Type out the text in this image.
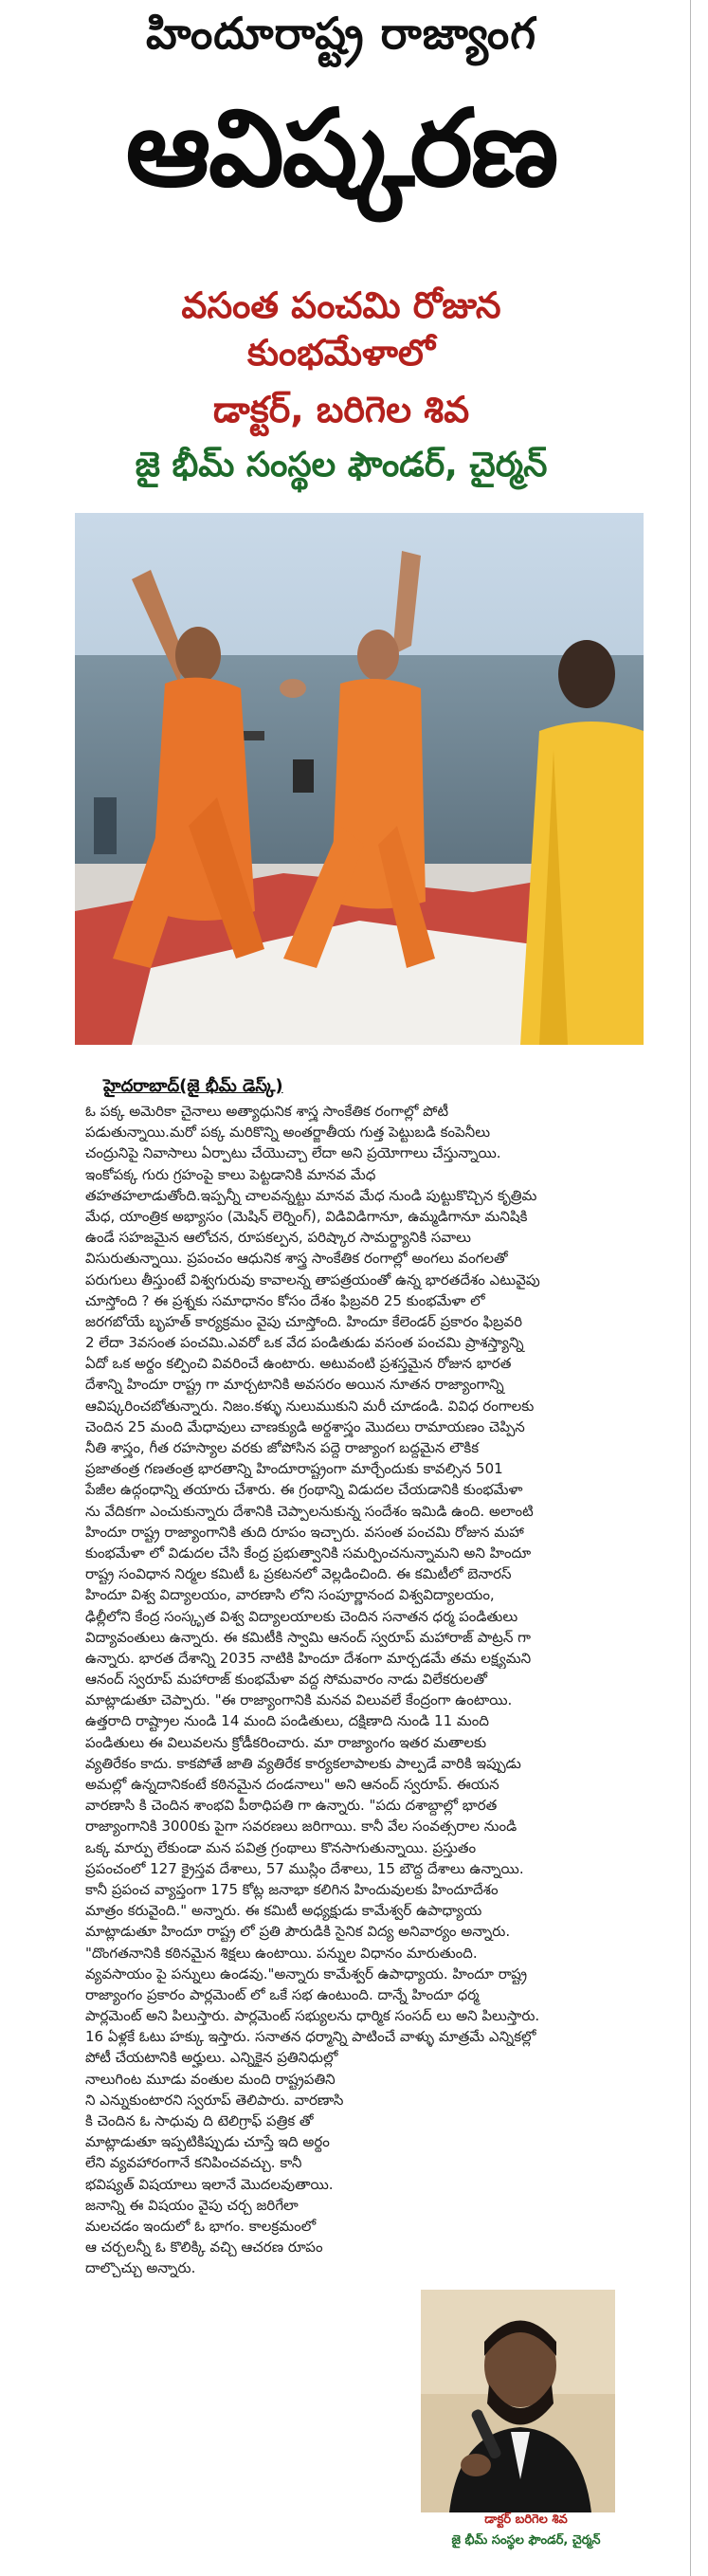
హిందూరాష్ట్ర రాజ్యాంగ
ఆవిష్కరణ
వసంత పంచమి రోజున
కుంభమేళాలో
డాక్టర్, బరిగెల శివ
జై భీమ్ సంస్థల ఫౌండర్, చైర్మన్
హైదరాబాద్(జై భీమ్ డెస్క్)
ఓ పక్క అమెరికా చైనాలు అత్యాధునిక శాస్త్ర సాంకేతిక రంగాల్లో పోటీ
పడుతున్నాయి.మరో పక్క మరికొన్ని అంతర్జాతీయ గుత్త పెట్టుబడి కంపెనీలు
చంద్రునిపై నివాసాలు ఏర్పాటు చేయొచ్చా లేదా అని ప్రయోగాలు చేస్తున్నాయి.
ఇంకోపక్క గురు గ్రహంపై కాలు పెట్టడానికి మానవ మేధ
తహతహలాడుతోంది.ఇప్పన్నీ చాలవన్నట్టు మానవ మేధ నుండి పుట్టుకొచ్చిన కృత్రిమ
మేధ, యాంత్రిక అభ్యాసం (మెషిన్ లెర్నింగ్), విడివిడిగానూ, ఉమ్మడిగానూ మనిషికి
ఉండే సహజమైన ఆలోచన, రూపకల్పన, పరిష్కార సామర్థ్యానికి సవాలు
విసురుతున్నాయి. ప్రపంచం ఆధునిక శాస్త్ర సాంకేతిక రంగాల్లో అంగలు వంగలతో
పరుగులు తీస్తుంటే విశ్వగురువు కావాలన్న తాపత్రయంతో ఉన్న భారతదేశం ఎటువైపు
చూస్తోంది ? ఈ ప్రశ్నకు సమాధానం కోసం దేశం ఫిబ్రవరి 25 కుంభమేళా లో
జరగబోయే బృహత్ కార్యక్రమం వైపు చూస్తోంది. హిందూ కేలెండర్ ప్రకారం ఫిబ్రవరి
2 లేదా 3వసంత పంచమి.ఎవరో ఒక వేద పండితుడు వసంత పంచమి ప్రాశస్త్యాన్ని
ఏదో ఒక అర్థం కల్పించి వివరించే ఉంటారు. అటువంటి ప్రశస్తమైన రోజున భారత
దేశాన్ని హిందూ రాష్ట్ర గా మార్చటానికి అవసరం అయిన నూతన రాజ్యాంగాన్ని
ఆవిష్కరించబోతున్నారు. నిజం.కళ్ళు నులుముకుని మరీ చూడండి. వివిధ రంగాలకు
చెందిన 25 మంది మేధావులు చాణక్యుడి అర్థశాస్త్రం మొదలు రామాయణం చెప్పిన
నీతి శాస్త్రం, గీత రహస్యాల వరకు జోపోసిన పద్దె రాజ్యాంగ బద్దమైన లౌకిక
ప్రజాతంత్ర గణతంత్ర భారతాన్ని హిందూరాష్ట్రంగా మార్చేందుకు కావల్సిన 501
పేజీల ఉద్గంధాన్ని తయారు చేశారు. ఈ గ్రంథాన్ని విడుదల చేయడానికి కుంభమేళా
ను వేదికగా ఎంచుకున్నారు దేశానికి చెప్పాలనుకున్న సందేశం ఇమిడి ఉంది. అలాంటి
హిందూ రాష్ట్ర రాజ్యాంగానికి తుది రూపం ఇచ్చారు. వసంత పంచమి రోజున మహా
కుంభమేళా లో విడుదల చేసి కేంద్ర ప్రభుత్వానికి సమర్పించనున్నామని అని హిందూ
రాష్ట్ర సంవిధాన నిర్మల కమిటీ ఓ ప్రకటనలో వెల్లడించింది. ఈ కమిటీలో బెనారస్
హిందూ విశ్వ విద్యాలయం, వారణాసి లోని సంపూర్ణానంద విశ్వవిద్యాలయం,
ఢిల్లీలోని కేంద్ర సంస్కృత విశ్వ విద్యాలయాలకు చెందిన సనాతన ధర్మ పండితులు
విద్యావంతులు ఉన్నారు. ఈ కమిటీకి స్వామి ఆనంద్ స్వరూప్ మహారాజ్ పాట్రన్ గా
ఉన్నారు. భారత దేశాన్ని 2035 నాటికి హిందూ దేశంగా మార్చడమే తమ లక్ష్యమని
ఆనంద్ స్వరూప్ మహారాజ్ కుంభమేళా వద్ద సోమవారం నాడు విలేకరులతో
మాట్లాడుతూ చెప్పారు. "ఈ రాజ్యాంగానికి మనవ విలువలే కేంద్రంగా ఉంటాయి.
ఉత్తరాది రాష్ట్రాల నుండి 14 మంది పండితులు, దక్షిణాది నుండి 11 మంది
పండితులు ఈ విలువలను క్రోడీకరించారు. మా రాజ్యాంగం ఇతర మతాలకు
వ్యతిరేకం కాదు. కాకపోతే జాతి వ్యతిరేక కార్యకలాపాలకు పాల్పడే వారికి ఇప్పుడు
అమల్లో ఉన్నదానికంటే కఠినమైన దండనాలు" అని ఆనంద్ స్వరూప్. ఈయన
వారణాసి కి చెందిన శాంభవి పీఠాధిపతి గా ఉన్నారు. "పదు దశాబ్దాల్లో భారత
రాజ్యాంగానికి 3000కు పైగా సవరణలు జరిగాయి. కానీ వేల సంవత్సరాల నుండి
ఒక్క మార్పు లేకుండా మన పవిత్ర గ్రంథాలు కొనసాగుతున్నాయి. ప్రస్తుతం
ప్రపంచంలో 127 క్రైస్తవ దేశాలు, 57 ముస్లిం దేశాలు, 15 బౌద్ధ దేశాలు ఉన్నాయి.
కానీ ప్రపంచ వ్యాప్తంగా 175 కోట్ల జనాభా కలిగిన హిందువులకు హిందూదేశం
మాత్రం కరువైంది." అన్నారు. ఈ కమిటీ అధ్యక్షుడు కామేశ్వర్ ఉపాధ్యాయ
మాట్లాడుతూ హిందూ రాష్ట్ర లో ప్రతి పౌరుడికి సైనిక విద్య అనివార్యం అన్నారు.
"దొంగతనానికి కఠినమైన శిక్షలు ఉంటాయి. పన్నుల విధానం మారుతుంది.
వ్యవసాయం పై పన్నులు ఉండవు."అన్నారు కామేశ్వర్ ఉపాధ్యాయ. హిందూ రాష్ట్ర
రాజ్యాంగం ప్రకారం పార్లమెంట్ లో ఒకే సభ ఉంటుంది. దాన్నే హిందూ ధర్మ
పార్లమెంట్ అని పిలుస్తారు. పార్లమెంట్ సభ్యులను ధార్మిక సంసద్ లు అని పిలుస్తారు.
16 ఏళ్లకే ఓటు హక్కు ఇస్తారు. సనాతన ధర్మాన్ని పాటించే వాళ్ళు మాత్రమే ఎన్నికల్లో
పోటీ చేయటానికి అర్హులు. ఎన్నికైన ప్రతినిధుల్లో
నాలుగింట మూడు వంతుల మంది రాష్ట్రపతిని
ని ఎన్నుకుంటారని స్వరూప్ తెలిపారు. వారణాసి
కి చెందిన ఓ సాధువు ది టెలిగ్రాఫ్ పత్రిక తో
మాట్లాడుతూ ఇప్పటికిప్పుడు చూస్తే ఇది అర్థం
లేని వ్యవహారంగానే కనిపించవచ్చు. కానీ
భవిష్యత్ విషయాలు ఇలానే మొదలవుతాయి.
జనాన్ని ఈ విషయం వైపు చర్చ జరిగేలా
మలచడం ఇందులో ఓ భాగం. కాలక్రమంలో
ఆ చర్చలన్నీ ఓ కొలిక్కి వచ్చి ఆచరణ రూపం
దాల్చొచ్చు అన్నారు.
డాక్టర్ బరిగెల శివ
జై భీమ్ సంస్థల ఫౌండర్, చైర్మన్
